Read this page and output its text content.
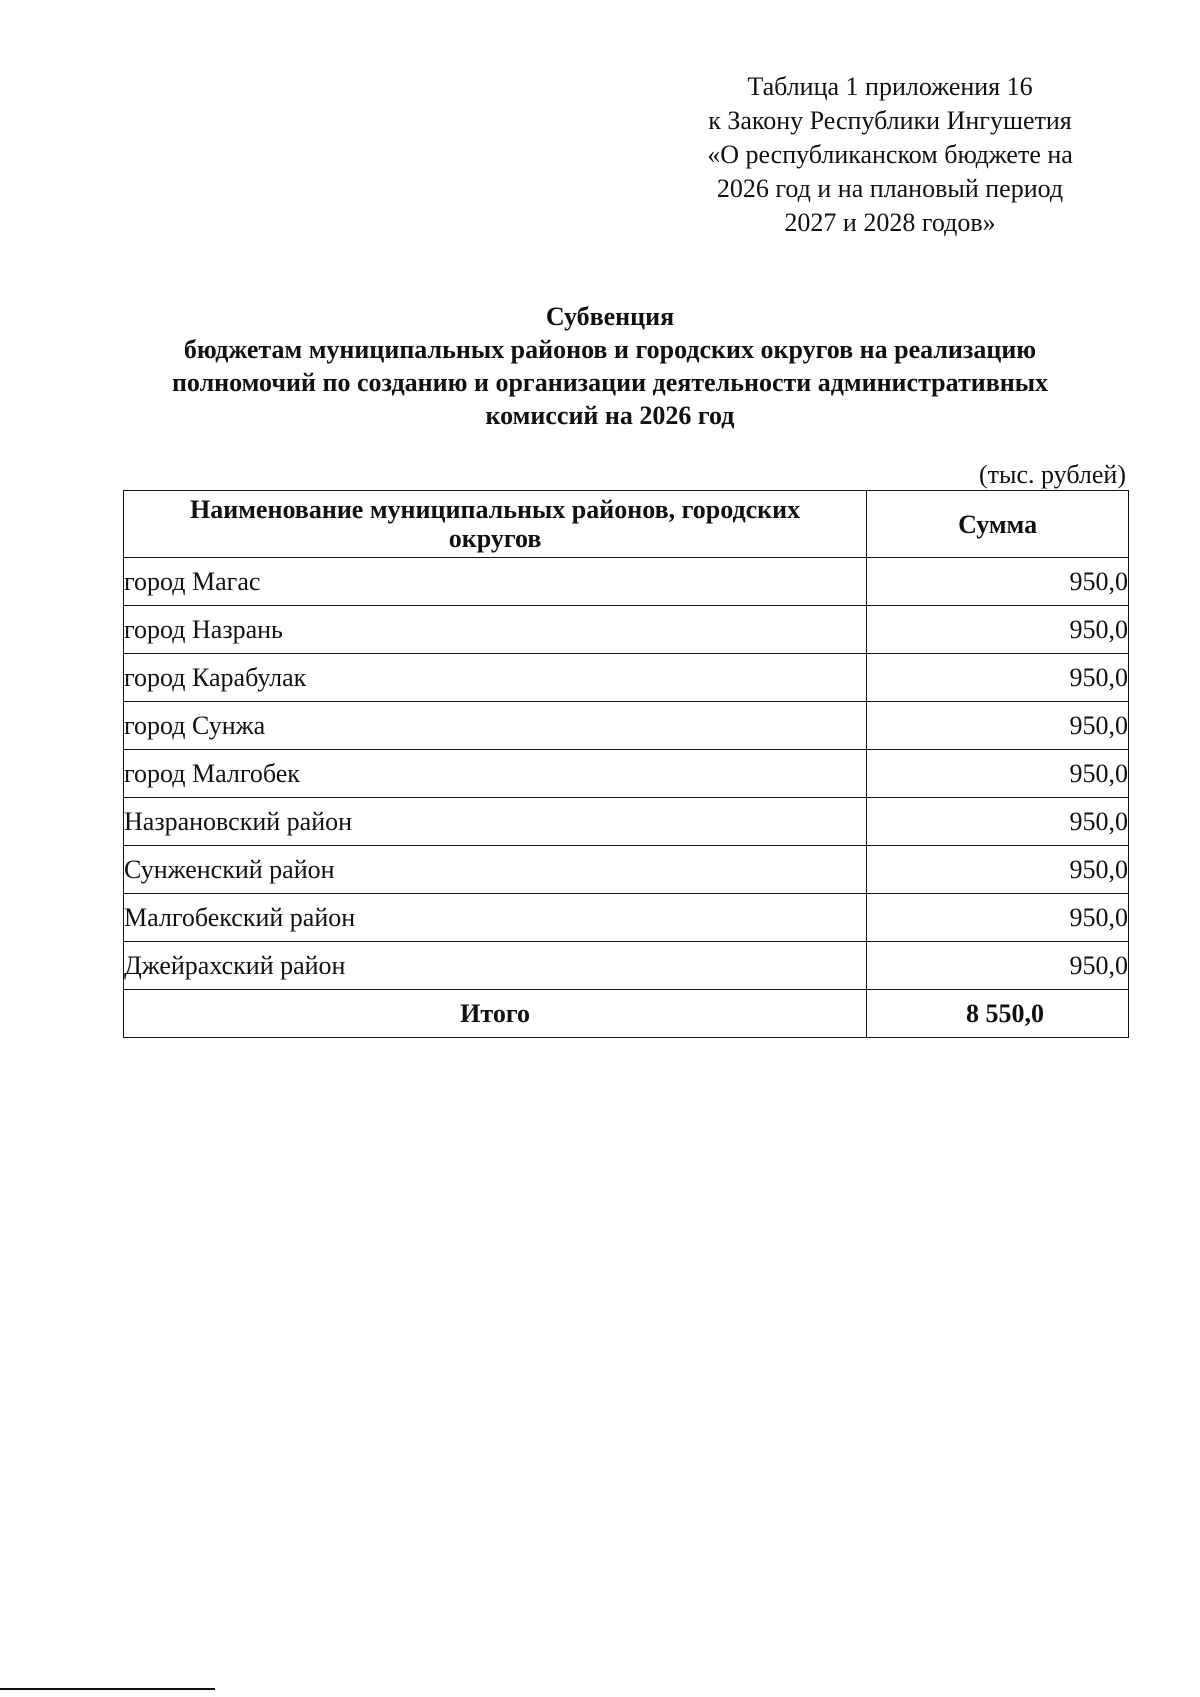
Таблица 1 приложения 16
к Закону Республики Ингушетия
«О республиканском бюджете на
2026 год и на плановый период
2027 и 2028 годов»
Субвенция
бюджетам муниципальных районов и городских округов на реализацию
полномочий по созданию и организации деятельности административных
комиссий на 2026 год
(тыс. рублей)
Наименование муниципальных районов, городских
округов	Сумма
город Магас	950,0
город Назрань	950,0
город Карабулак	950,0
город Сунжа	950,0
город Малгобек	950,0
Назрановский район	950,0
Сунженский район	950,0
Малгобекский район	950,0
Джейрахский район	950,0
Итого	8 550,0
